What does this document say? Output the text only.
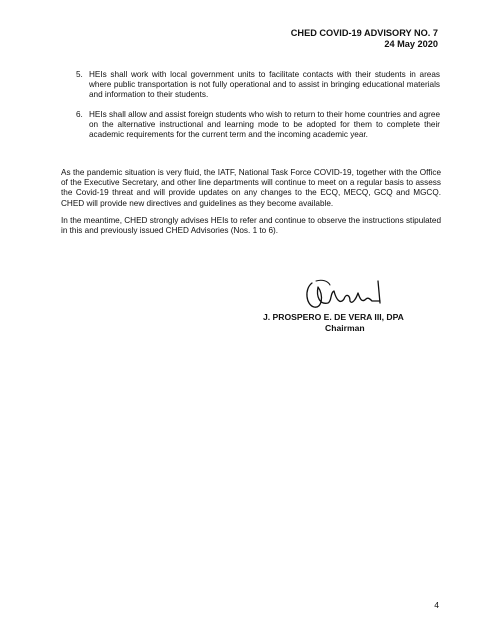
CHED COVID-19 ADVISORY NO. 7
24 May 2020
5. HEIs shall work with local government units to facilitate contacts with their students in areas where public transportation is not fully operational and to assist in bringing educational materials and information to their students.
6. HEIs shall allow and assist foreign students who wish to return to their home countries and agree on the alternative instructional and learning mode to be adopted for them to complete their academic requirements for the current term and the incoming academic year.
As the pandemic situation is very fluid, the IATF, National Task Force COVID-19, together with the Office of the Executive Secretary, and other line departments will continue to meet on a regular basis to assess the Covid-19 threat and will provide updates on any changes to the ECQ, MECQ, GCQ and MGCQ. CHED will provide new directives and guidelines as they become available.
In the meantime, CHED strongly advises HEIs to refer and continue to observe the instructions stipulated in this and previously issued CHED Advisories (Nos. 1 to 6).
J. PROSPERO E. DE VERA III, DPA
Chairman
4
